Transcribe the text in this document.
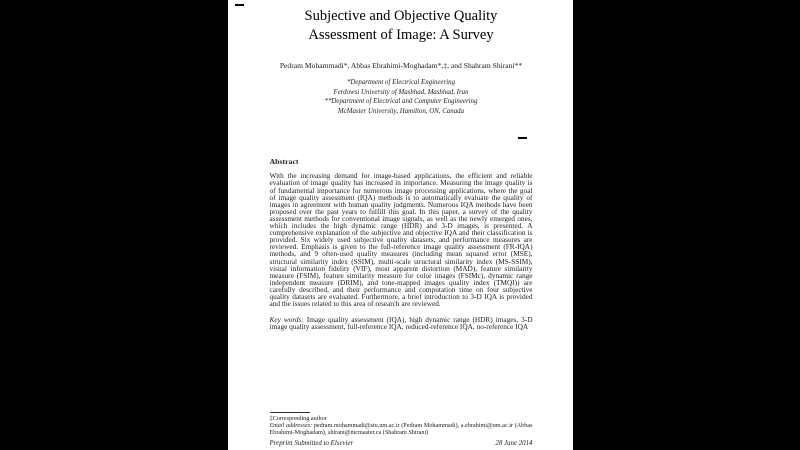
Subjective and Objective Quality Assessment of Image: A Survey
Pedram Mohammadi*, Abbas Ebrahimi-Moghadam*,‡, and Shahram Shirani**
*Department of Electrical Engineering
Ferdowsi University of Mashhad, Mashhad, Iran
**Department of Electrical and Computer Engineering
McMaster University, Hamilton, ON, Canada
Abstract
With the increasing demand for image-based applications, the efficient and reliable evaluation of image quality has increased in importance. Measuring the image quality is of fundamental importance for numerous image processing applications, where the goal of image quality assessment (IQA) methods is to automatically evaluate the quality of images in agreement with human quality judgments. Numerous IQA methods have been proposed over the past years to fulfill this goal. In this paper, a survey of the quality assessment methods for conventional image signals, as well as the newly emerged ones, which includes the high dynamic range (HDR) and 3-D images, is presented. A comprehensive explanation of the subjective and objective IQA and their classification is provided. Six widely used subjective quality datasets, and performance measures are reviewed. Emphasis is given to the full-reference image quality assessment (FR-IQA) methods, and 9 often-used quality measures (including mean squared error (MSE), structural similarity index (SSIM), multi-scale structural similarity index (MS-SSIM), visual information fidelity (VIF), most apparent distortion (MAD), feature similarity measure (FSIM), feature similarity measure for color images (FSIMc), dynamic range independent measure (DRIM), and tone-mapped images quality index (TMQI)) are carefully described, and their performance and computation time on four subjective quality datasets are evaluated. Furthermore, a brief introduction to 3-D IQA is provided and the issues related to this area of research are reviewed.
Key words: Image quality assessment (IQA), high dynamic range (HDR) images, 3-D image quality assessment, full-reference IQA, reduced-reference IQA, no-reference IQA
‡Corresponding author
Email addresses: pedram.mohammadi@stu.um.ac.ir (Pedram Mohammadi), a.ebrahimi@um.ac.ir (Abbas Ebrahimi-Moghadam), shirani@mcmaster.ca (Shahram Shirani)
Preprint Submitted to Elsevier	28 June 2014
